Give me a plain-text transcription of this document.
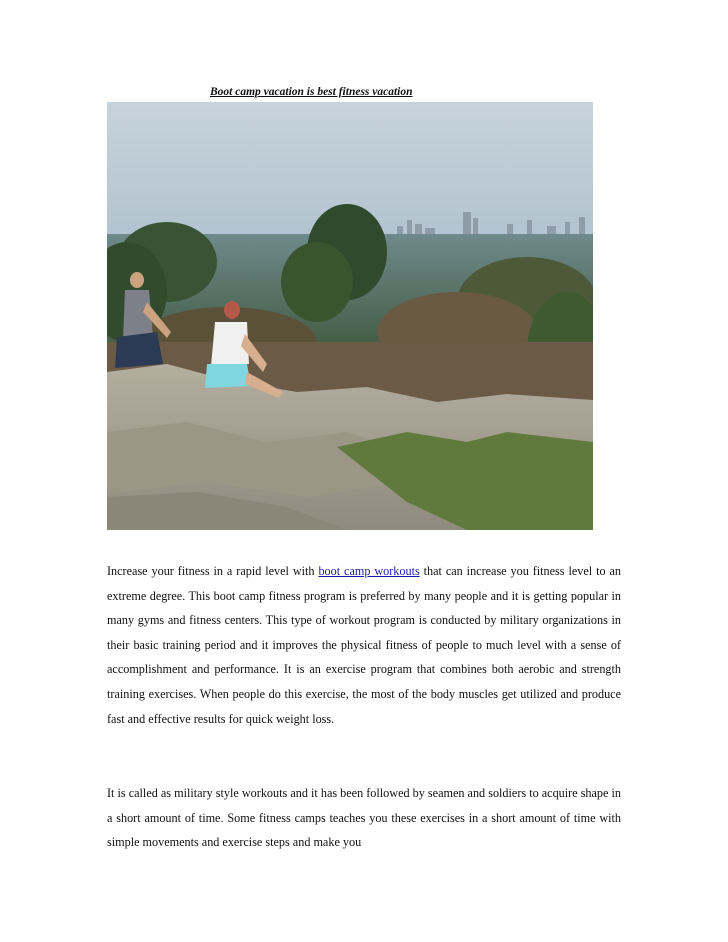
Boot camp vacation is best fitness vacation

Increase your fitness in a rapid level with boot camp workouts that can increase you fitness level to an extreme degree. This boot camp fitness program is preferred by many people and it is getting popular in many gyms and fitness centers. This type of workout program is conducted by military organizations in their basic training period and it improves the physical fitness of people to much level with a sense of accomplishment and performance. It is an exercise program that combines both aerobic and strength training exercises. When people do this exercise, the most of the body muscles get utilized and produce fast and effective results for quick weight loss.

It is called as military style workouts and it has been followed by seamen and soldiers to acquire shape in a short amount of time. Some fitness camps teaches you these exercises in a short amount of time with simple movements and exercise steps and make you
